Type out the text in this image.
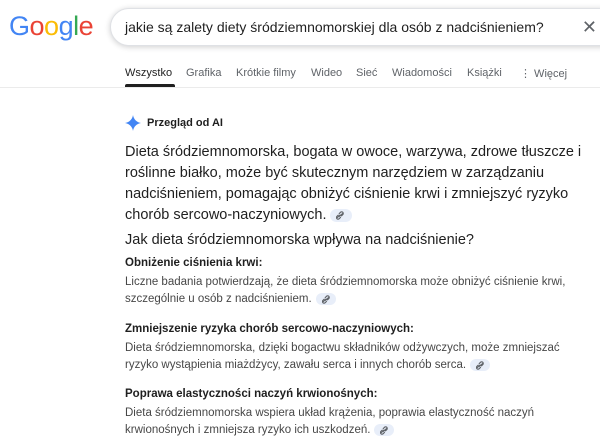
Google jakie są zalety diety śródziemnomorskiej dla osób z nadciśnieniem? ✕
Wszystko Grafika Krótkie filmy Wideo Sieć Wiadomości Książki ⋮ Więcej
Przegląd od AI

Dieta śródziemnomorska, bogata w owoce, warzywa, zdrowe tłuszcze i roślinne białko, może być skutecznym narzędziem w zarządzaniu nadciśnieniem, pomagając obniżyć ciśnienie krwi i zmniejszyć ryzyko chorób sercowo-naczyniowych.

Jak dieta śródziemnomorska wpływa na nadciśnienie?
Obniżenie ciśnienia krwi:

Liczne badania potwierdzają, że dieta śródziemnomorska może obniżyć ciśnienie krwi, szczególnie u osób z nadciśnieniem.

Zmniejszenie ryzyka chorób sercowo-naczyniowych:

Dieta śródziemnomorska, dzięki bogactwu składników odżywczych, może zmniejszać ryzyko wystąpienia miażdżycy, zawału serca i innych chorób serca.

Poprawa elastyczności naczyń krwionośnych:

Dieta śródziemnomorska wspiera układ krążenia, poprawia elastyczność naczyń krwionośnych i zmniejsza ryzyko ich uszkodzeń.
